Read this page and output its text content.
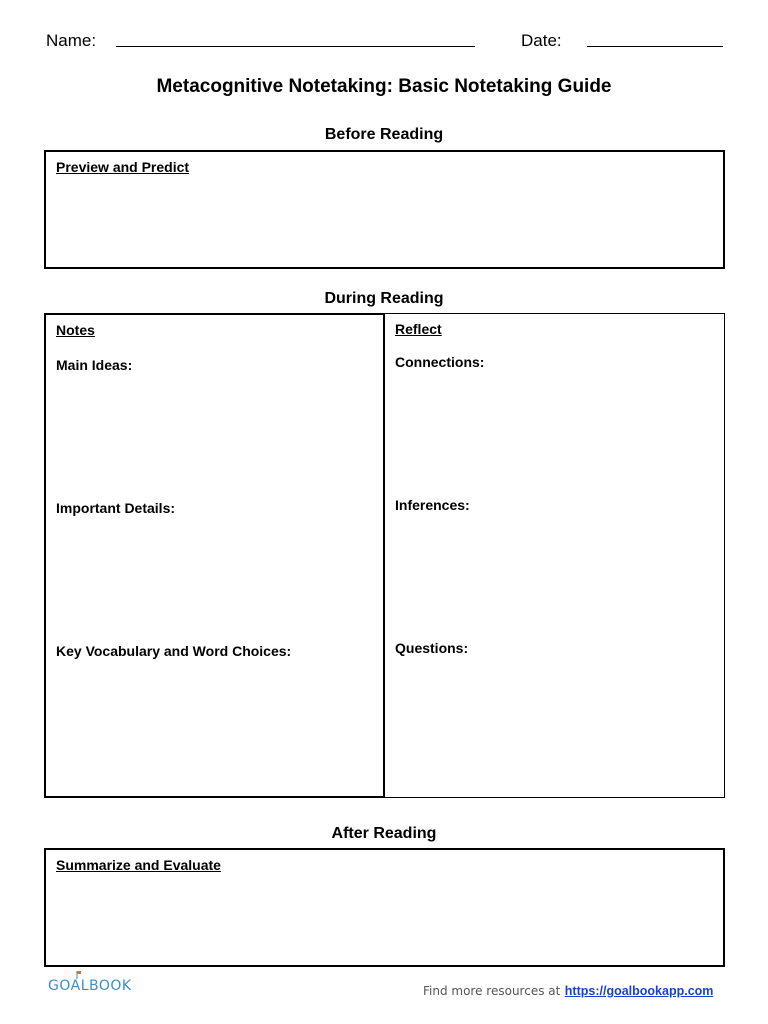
Name:	Date:
Metacognitive Notetaking: Basic Notetaking Guide
Before Reading
Preview and Predict
During Reading
Reflect
Connections:
Inferences:
Questions:
Notes
Main Ideas:
Important Details:
Key Vocabulary and Word Choices:
After Reading
Summarize and Evaluate
GOALBOOK	Find more resources at https://goalbookapp.com
